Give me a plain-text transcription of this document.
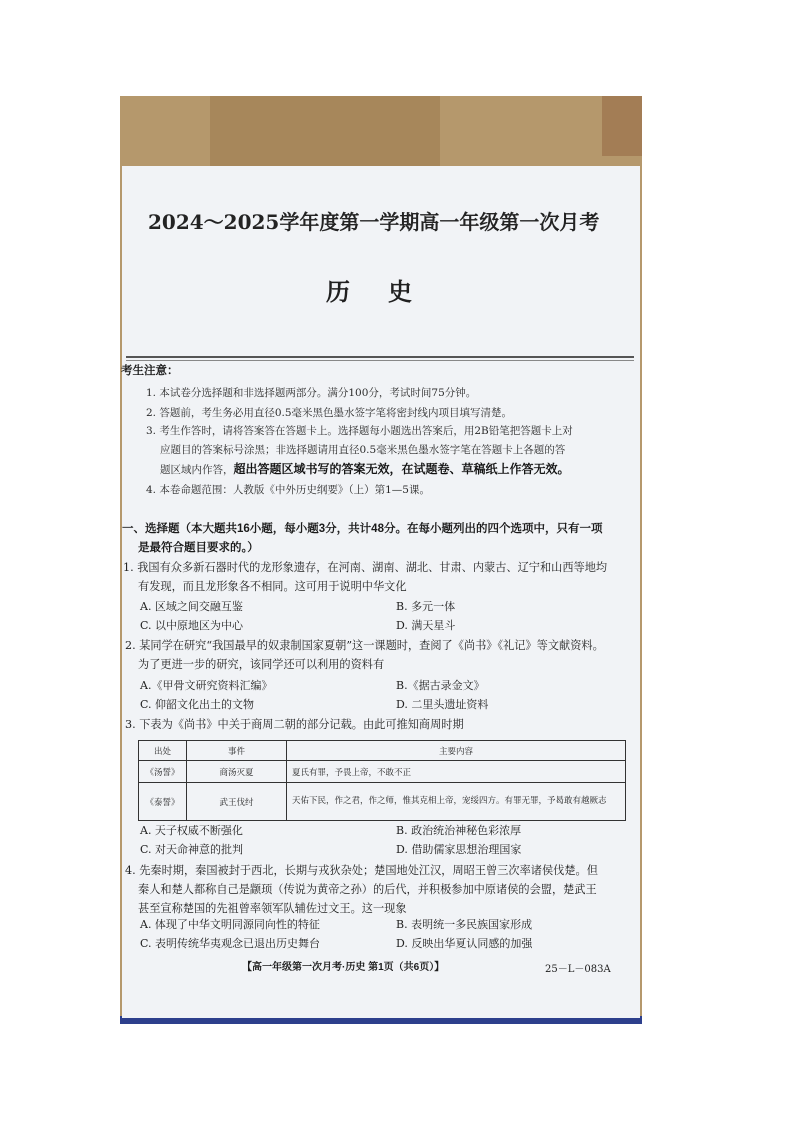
2024～2025学年度第一学期高一年级第一次月考
历史
考生注意：
1. 本试卷分选择题和非选择题两部分。满分100分，考试时间75分钟。
2. 答题前，考生务必用直径0.5毫米黑色墨水签字笔将密封线内项目填写清楚。
3. 考生作答时，请将答案答在答题卡上。选择题每小题选出答案后，用2B铅笔把答题卡上对
应题目的答案标号涂黑；非选择题请用直径0.5毫米黑色墨水签字笔在答题卡上各题的答
题区域内作答，超出答题区域书写的答案无效，在试题卷、草稿纸上作答无效。
4. 本卷命题范围：人教版《中外历史纲要》（上）第1—5课。
一、选择题（本大题共16小题，每小题3分，共计48分。在每小题列出的四个选项中，只有一项
是最符合题目要求的。）
1. 我国有众多新石器时代的龙形象遗存，在河南、湖南、湖北、甘肃、内蒙古、辽宁和山西等地均
有发现，而且龙形象各不相同。这可用于说明中华文化
A. 区域之间交融互鉴	B. 多元一体
C. 以中原地区为中心	D. 满天星斗
2. 某同学在研究“我国最早的奴隶制国家夏朝”这一课题时，查阅了《尚书》《礼记》等文献资料。
为了更进一步的研究，该同学还可以利用的资料有
A.《甲骨文研究资料汇编》	B.《据古录金文》
C. 仰韶文化出土的文物	D. 二里头遗址资料
3. 下表为《尚书》中关于商周二朝的部分记载。由此可推知商周时期
出处	事件	主要内容
《汤誓》	商汤灭夏	夏氏有罪，予畏上帝，不敢不正
《泰誓》	武王伐纣	天佑下民，作之君，作之师，惟其克相上帝，宠绥四方。有罪无罪，予曷敢有越厥志
A. 天子权威不断强化	B. 政治统治神秘色彩浓厚
C. 对天命神意的批判	D. 借助儒家思想治理国家
4. 先秦时期，秦国被封于西北，长期与戎狄杂处；楚国地处江汉，周昭王曾三次率诸侯伐楚。但
秦人和楚人都称自己是颛顼（传说为黄帝之孙）的后代，并积极参加中原诸侯的会盟，楚武王
甚至宣称楚国的先祖曾率领军队辅佐过文王。这一现象
A. 体现了中华文明同源同向性的特征	B. 表明统一多民族国家形成
C. 表明传统华夷观念已退出历史舞台	D. 反映出华夏认同感的加强
【高一年级第一次月考·历史 第1页（共6页）】	25－L－083A
